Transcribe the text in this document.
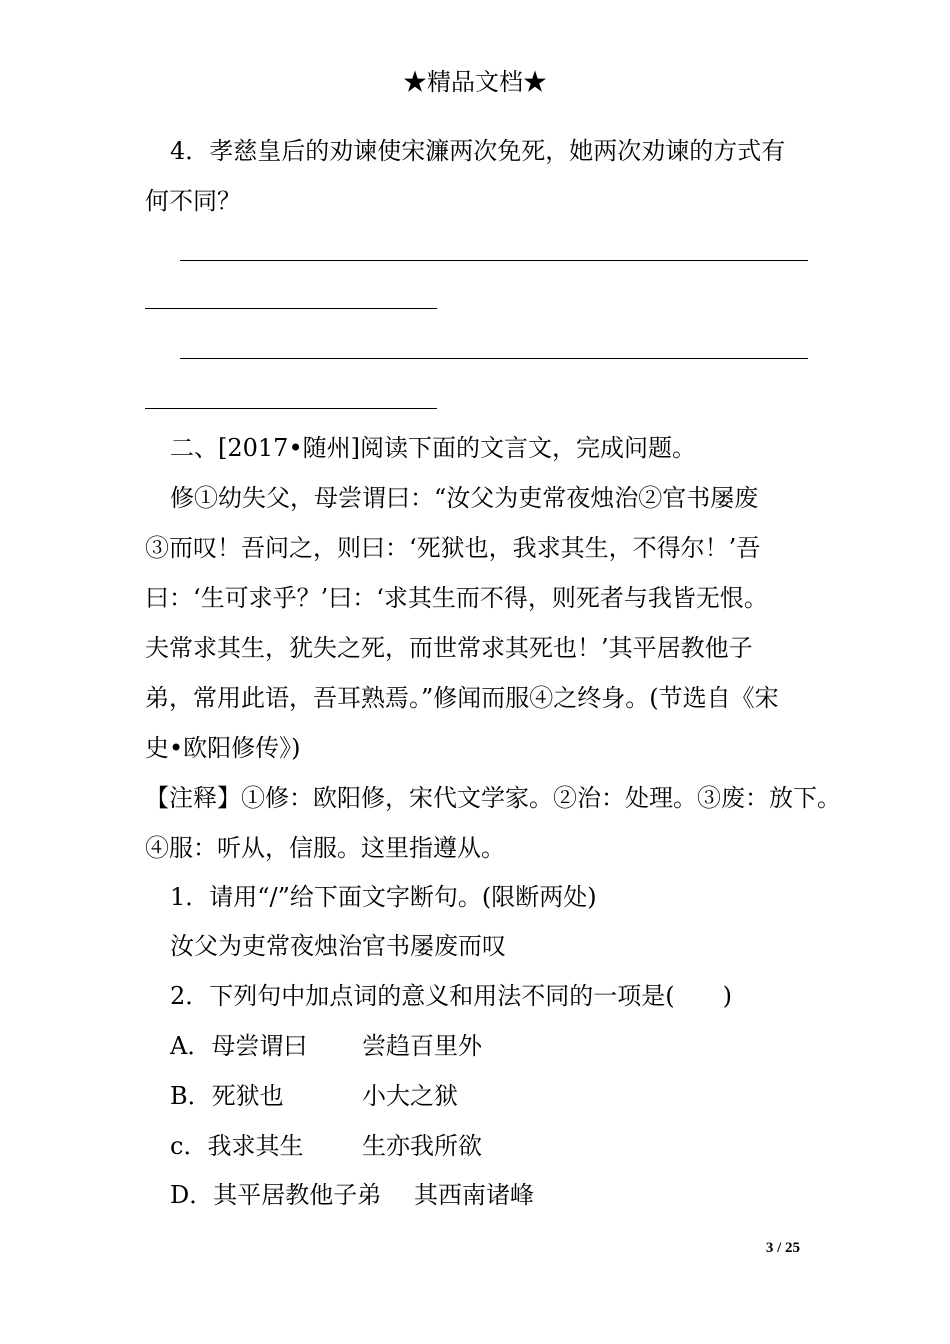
★精品文档★
4．孝慈皇后的劝谏使宋濂两次免死，她两次劝谏的方式有
何不同？
二、[2017•随州]阅读下面的文言文，完成问题。
修①幼失父，母尝谓曰：“汝父为吏常夜烛治②官书屡废
③而叹！吾问之，则曰：‘死狱也，我求其生，不得尔！’吾
曰：‘生可求乎？’曰：‘求其生而不得，则死者与我皆无恨。
夫常求其生，犹失之死，而世常求其死也！’其平居教他子
弟，常用此语，吾耳熟焉。”修闻而服④之终身。(节选自《宋
史•欧阳修传》)
【注释】①修：欧阳修，宋代文学家。②治：处理。③废：放下。
④服：听从，信服。这里指遵从。
1．请用“/”给下面文字断句。(限断两处)
汝父为吏常夜烛治官书屡废而叹
2．下列句中加点词的意义和用法不同的一项是(　　)
A．母尝谓曰 尝趋百里外
B．死狱也	小大之狱
c．我求其生 生亦我所欲
D．其平居教他子弟 其西南诸峰
3 / 25
